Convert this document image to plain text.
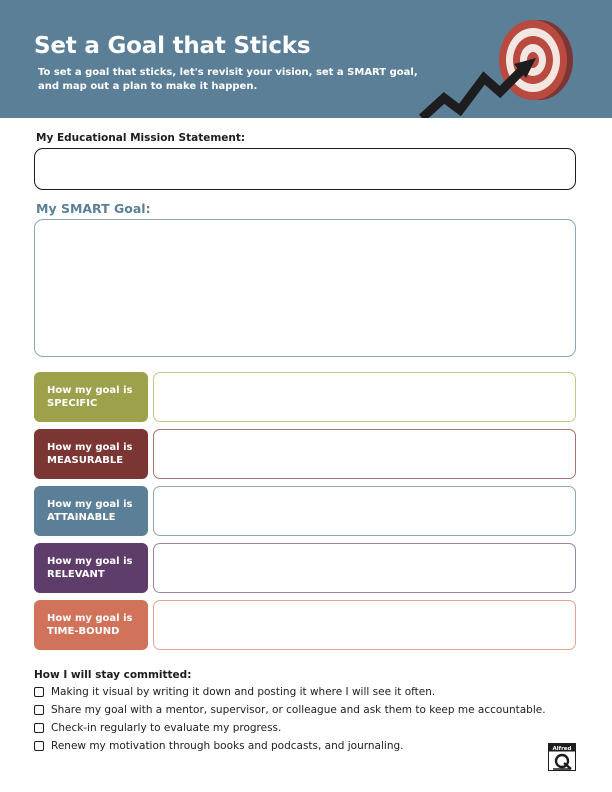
Set a Goal that Sticks
To set a goal that sticks, let's revisit your vision, set a SMART goal,
and map out a plan to make it happen.
My Educational Mission Statement:
My SMART Goal:
How my goal is
SPECIFIC
How my goal is
MEASURABLE
How my goal is
ATTAINABLE
How my goal is
RELEVANT
How my goal is
TIME-BOUND
How I will stay committed:
Making it visual by writing it down and posting it where I will see it often.
Share my goal with a mentor, supervisor, or colleague and ask them to keep me accountable.
Check-in regularly to evaluate my progress.
Renew my motivation through books and podcasts, and journaling.	Alfred
